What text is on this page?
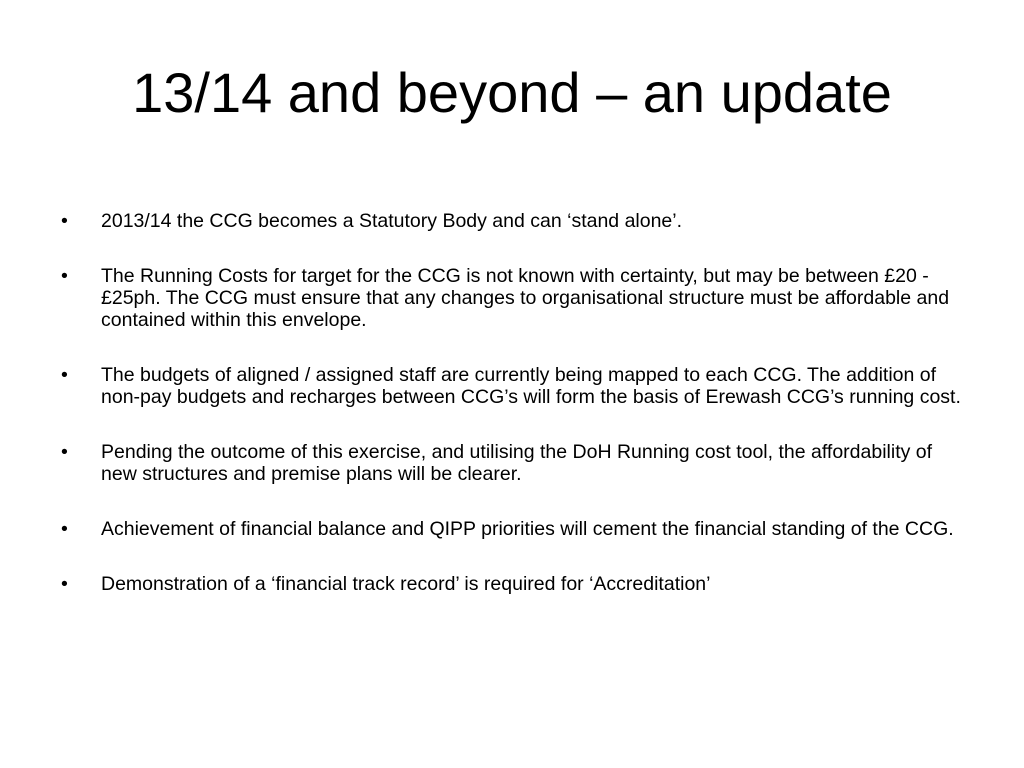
13/14 and beyond – an update
•	2013/14 the CCG becomes a Statutory Body and can ‘stand alone’.
•	The Running Costs for target for the CCG is not known with certainty, but may be between £20 - £25ph. The CCG must ensure that any changes to organisational structure must be affordable and contained within this envelope.
•	The budgets of aligned / assigned staff are currently being mapped to each CCG. The addition of non-pay budgets and recharges between CCG’s will form the basis of Erewash CCG’s running cost.
•	Pending the outcome of this exercise, and utilising the DoH Running cost tool, the affordability of new structures and premise plans will be clearer.
•	Achievement of financial balance and QIPP priorities will cement the financial standing of the CCG.
•	Demonstration of a ‘financial track record’ is required for ‘Accreditation’
